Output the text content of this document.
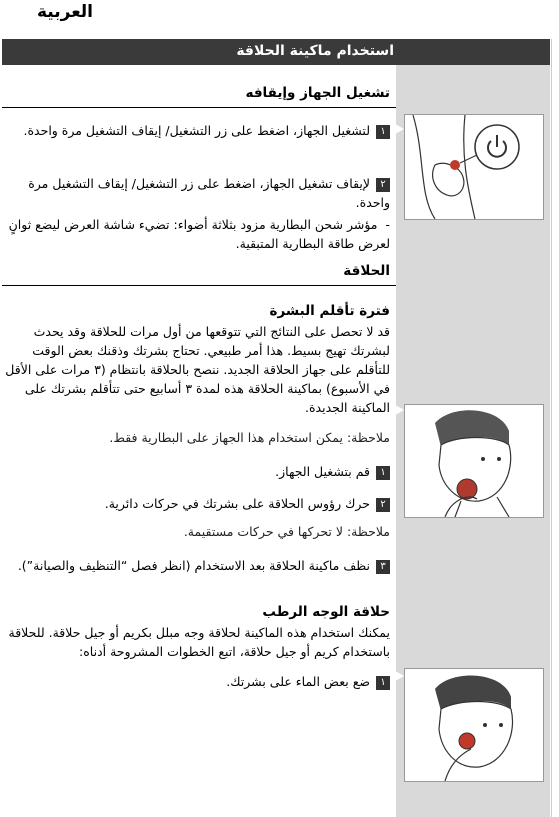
العربية
استخدام ماكينة الحلاقة
تشغيل الجهاز وإيقافه
١لتشغيل الجهاز، اضغط على زر التشغيل/ إيقاف التشغيل مرة واحدة.
٢لإيقاف تشغيل الجهاز، اضغط على زر التشغيل/ إيقاف التشغيل مرة واحدة.
-مؤشر شحن البطارية مزود بثلاثة أضواء: تضيء شاشة العرض ليضع ثوانٍ لعرض طاقة البطارية المتبقية.
الحلاقة
فترة تأقلم البشرة
قد لا تحصل على النتائج التي تتوقعها من أول مرات للحلاقة وقد يحدث لبشرتك تهيج بسيط. هذا أمر طبيعي. تحتاج بشرتك وذقنك بعض الوقت للتأقلم على جهاز الحلاقة الجديد. ننصح بالحلاقة بانتظام (٣ مرات على الأقل في الأسبوع) بماكينة الحلاقة هذه لمدة ٣ أسابيع حتى تتأقلم بشرتك على الماكينة الجديدة.
ملاحظة: يمكن استخدام هذا الجهاز على البطارية فقط.
١قم بتشغيل الجهاز.
٢حرك رؤوس الحلاقة على بشرتك في حركات دائرية.
ملاحظة: لا تحركها في حركات مستقيمة.
٣نظف ماكينة الحلاقة بعد الاستخدام (انظر فصل “التنظيف والصيانة”).
حلاقة الوجه الرطب
يمكنك استخدام هذه الماكينة لحلاقة وجه مبلل بكريم أو جيل حلاقة. للحلاقة باستخدام كريم أو جيل حلاقة، اتبع الخطوات المشروحة أدناه:
١ضع بعض الماء على بشرتك.
